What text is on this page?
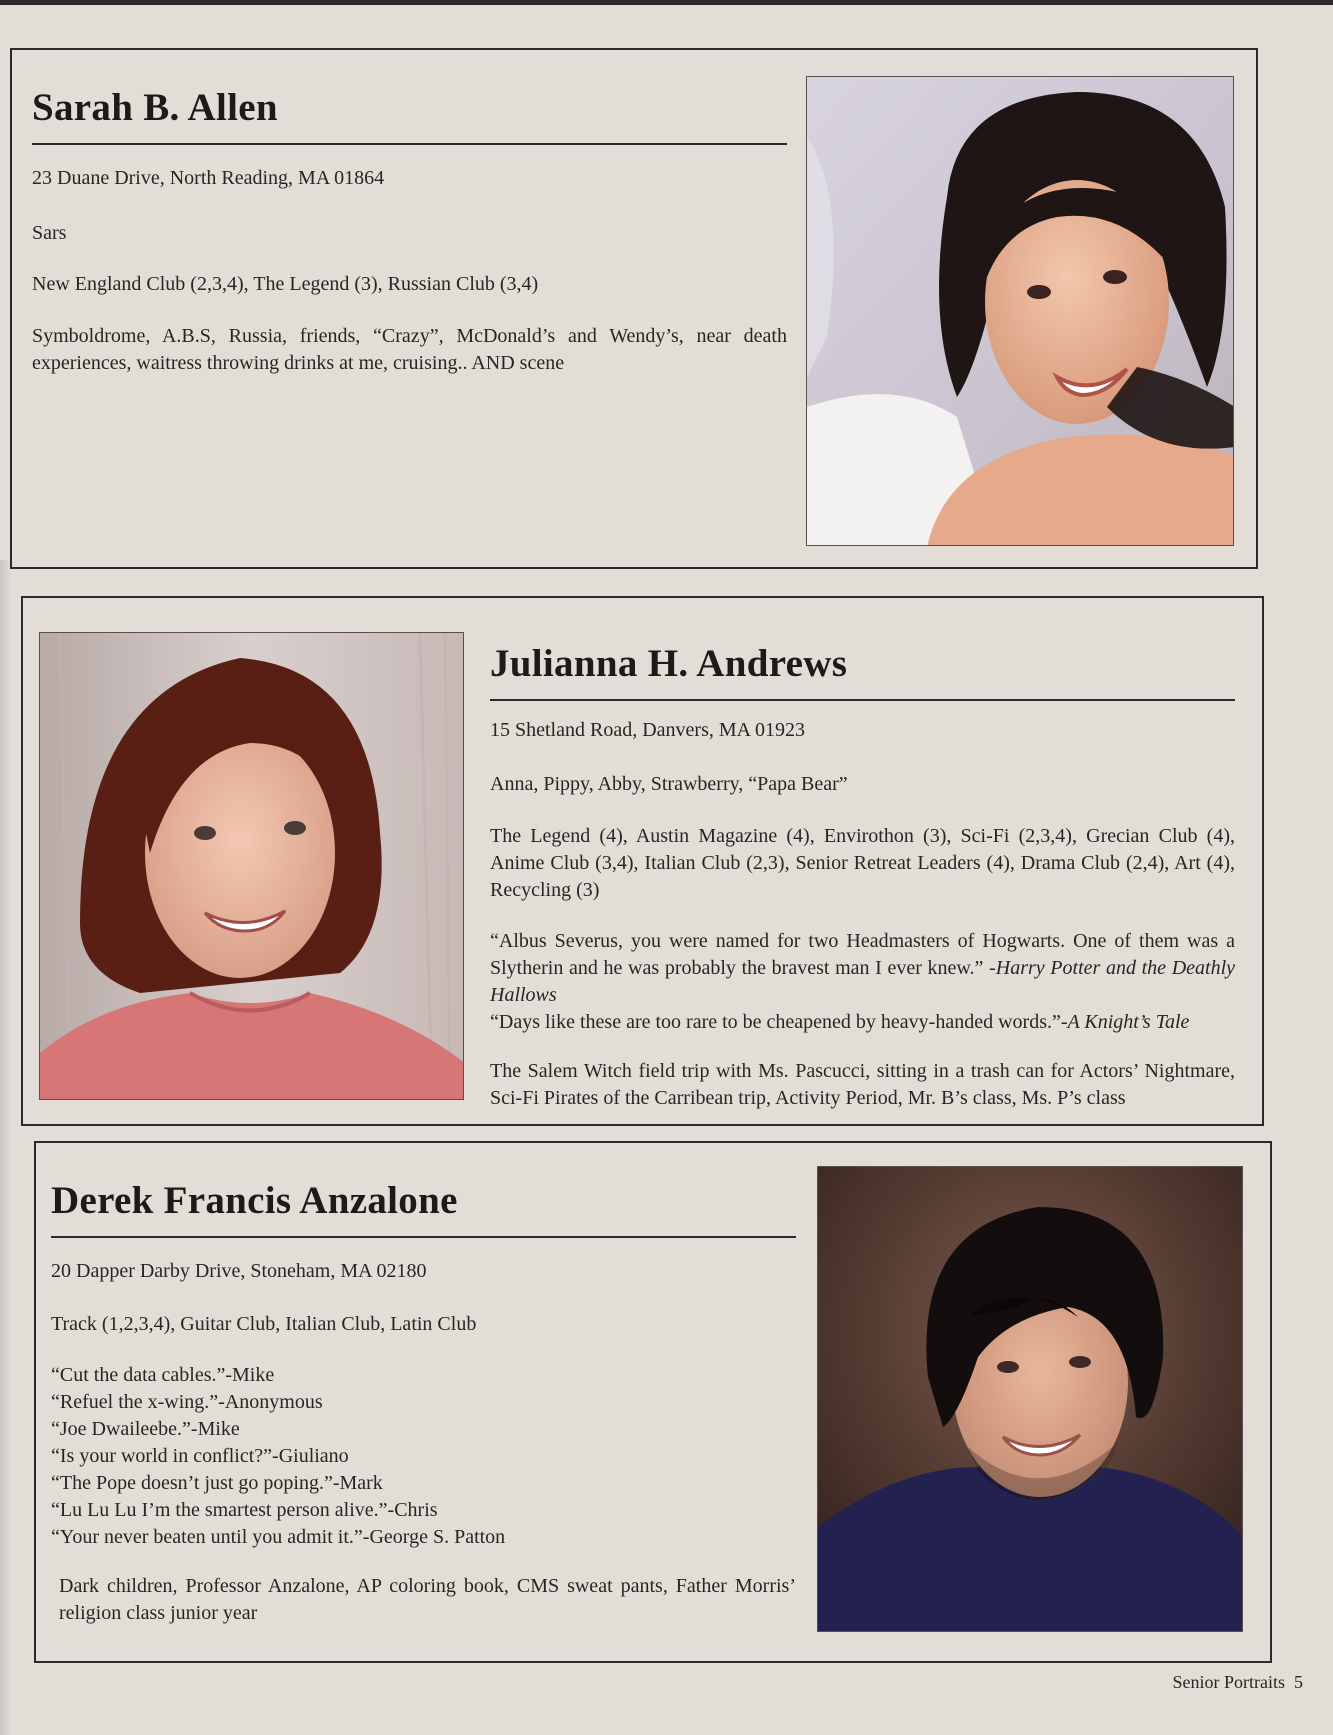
Sarah B. Allen

23 Duane Drive, North Reading, MA 01864

Sars

New England Club (2,3,4), The Legend (3), Russian Club (3,4)

Symboldrome, A.B.S, Russia, friends, “Crazy”, McDonald’s and Wendy’s, near death experiences, waitress throwing drinks at me, cruising.. AND scene

Julianna H. Andrews

15 Shetland Road, Danvers, MA 01923

Anna, Pippy, Abby, Strawberry, “Papa Bear”

The Legend (4), Austin Magazine (4), Envirothon (3), Sci-Fi (2,3,4), Grecian Club (4), Anime Club (3,4), Italian Club (2,3), Senior Retreat Leaders (4), Drama Club (2,4), Art (4), Recycling (3)

“Albus Severus, you were named for two Headmasters of Hogwarts. One of them was a Slytherin and he was probably the bravest man I ever knew.” -Harry Potter and the Deathly Hallows

“Days like these are too rare to be cheapened by heavy-handed words.”-A Knight’s Tale

The Salem Witch field trip with Ms. Pascucci, sitting in a trash can for Actors’ Nightmare, Sci-Fi Pirates of the Carribean trip, Activity Period, Mr. B’s class, Ms. P’s class

Derek Francis Anzalone

20 Dapper Darby Drive, Stoneham, MA 02180

Track (1,2,3,4), Guitar Club, Italian Club, Latin Club

“Cut the data cables.”-Mike

“Refuel the x-wing.”-Anonymous

“Joe Dwaileebe.”-Mike

“Is your world in conflict?”-Giuliano

“The Pope doesn’t just go poping.”-Mark

“Lu Lu Lu I’m the smartest person alive.”-Chris

“Your never beaten until you admit it.”-George S. Patton

Dark children, Professor Anzalone, AP coloring book, CMS sweat pants, Father Morris’ religion class junior year

Senior Portraits 5
